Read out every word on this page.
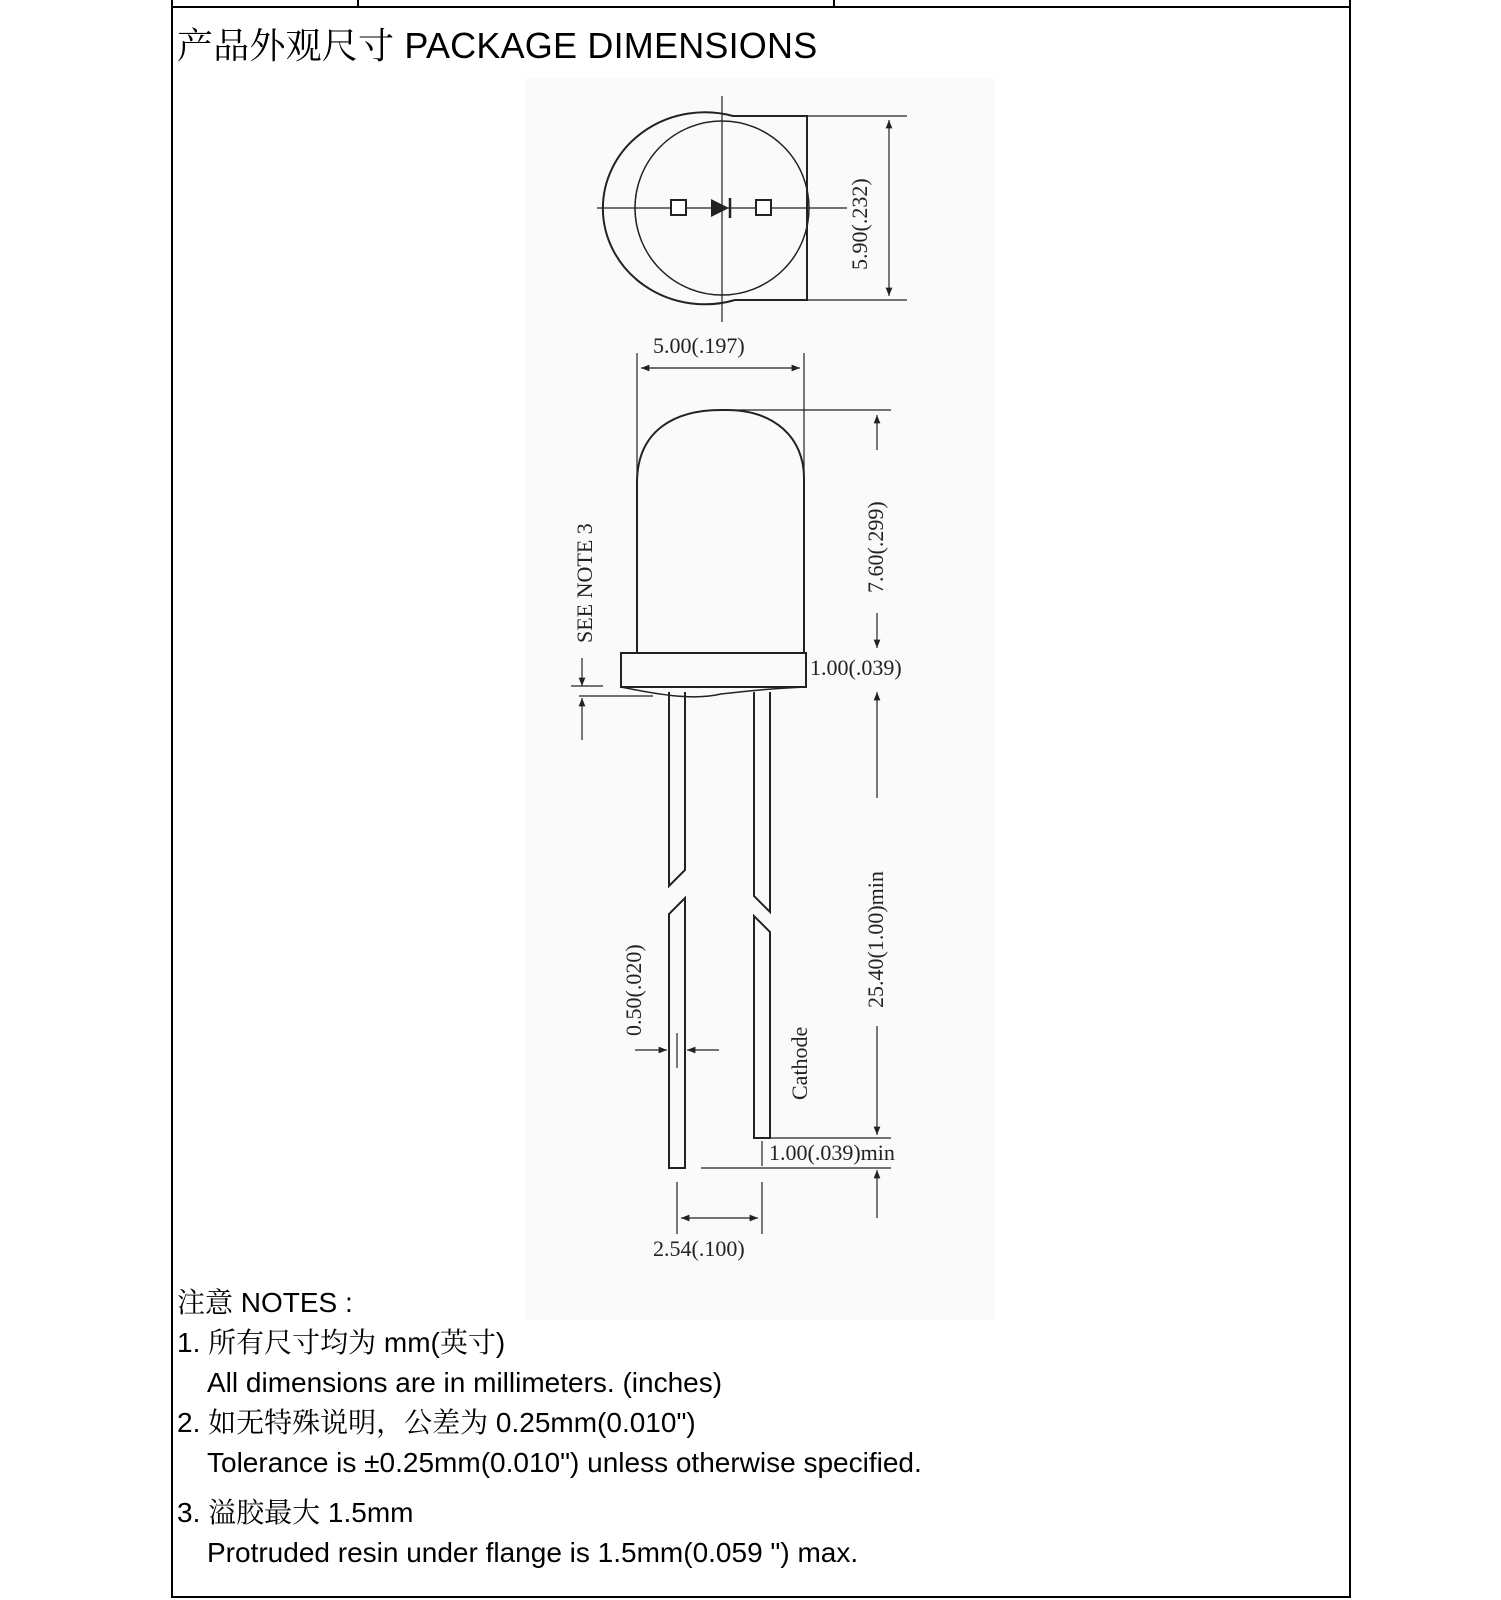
产品外观尺寸 PACKAGE DIMENSIONS
5.90(.232)
5.00(.197)
SEE NOTE 3	7.60(.299)
1.00(.039)
25.40(1.00)min
1.00(.039)min
0.50(.020)
Cathode
2.54(.100)
注意 NOTES :
1. 所有尺寸均为 mm(英寸)
All dimensions are in millimeters. (inches)
2. 如无特殊说明，公差为 0.25mm(0.010")
Tolerance is ±0.25mm(0.010") unless otherwise specified.
3. 溢胶最大 1.5mm
Protruded resin under flange is 1.5mm(0.059 ") max.
